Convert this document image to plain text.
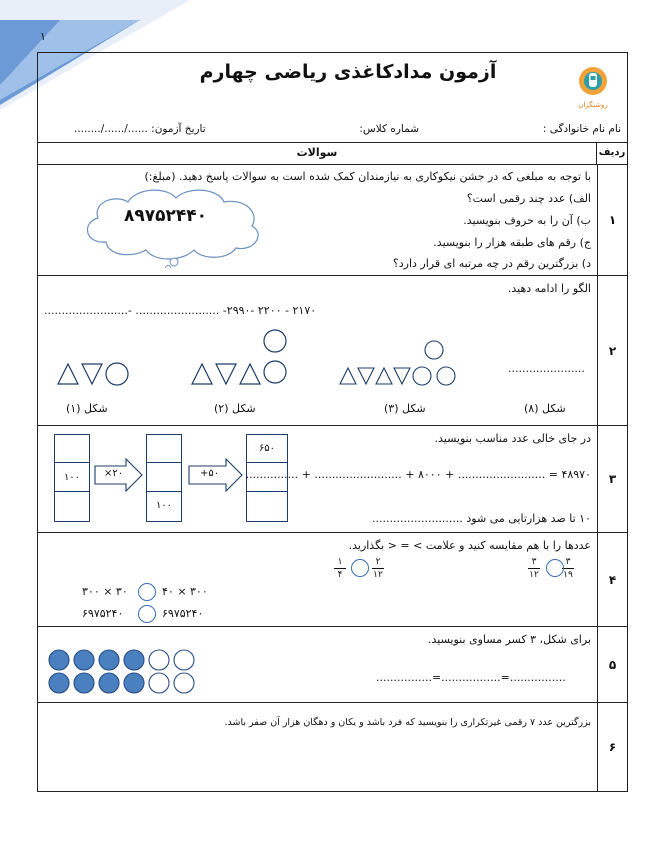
۱
آزمون مدادکاغذی ریاضی چهارم
روشنگران
نام نام خانوادگی :
شماره کلاس:
تاریخ آزمون: ....../....../........
سوالات	ردیف
۱
با توجه به مبلغی که در جشن نیکوکاری به نیازمندان کمک شده است به سوالات پاسخ دهید. (مبلغ:)
الف) عدد چند رقمی است؟
ب) آن را به حروف بنویسید.
ج) رقم های طبقه هزار را بنویسید.
د) بزرگترین رقم در چه مرتبه ای قرار دارد؟
۸۹۷۵۲۴۴۰
۲
الگو را ادامه دهید.
۲۱۷۰ - ۲۲۰۰ -۲۹۹۰- ........................ -........................
......................
شکل (۱)	شکل (۲)	شکل (۳)	شکل (۸)
۳
در جای خالی عدد مناسب بنویسید.
۴۸۹۷۰ = ......................... + ۸۰۰۰ + ......................... + ...............
۱۰ تا صد هزارتایی می شود ..........................
۱۰۰	×۲۰
۱۰۰
+۵۰
۶۵۰
۴
عددها را با هم مقایسه کنید و علامت > = < بگذارید.
۳
۱۹
۳
۱۲
۲
۱۲
۱
۴
۳۰۰ × ۳۰	۴۰ × ۳۰۰
۶۹۷۵۲۴۰	۶۹۷۵۲۴۰
۵
برای شکل، ۳ کسر مساوی بنویسید.
................=.................=................
۶
بزرگترین عدد ۷ رقمی غیرتکراری را بنویسید که فرد باشد و یکان و دهگان هزار آن صفر باشد.
